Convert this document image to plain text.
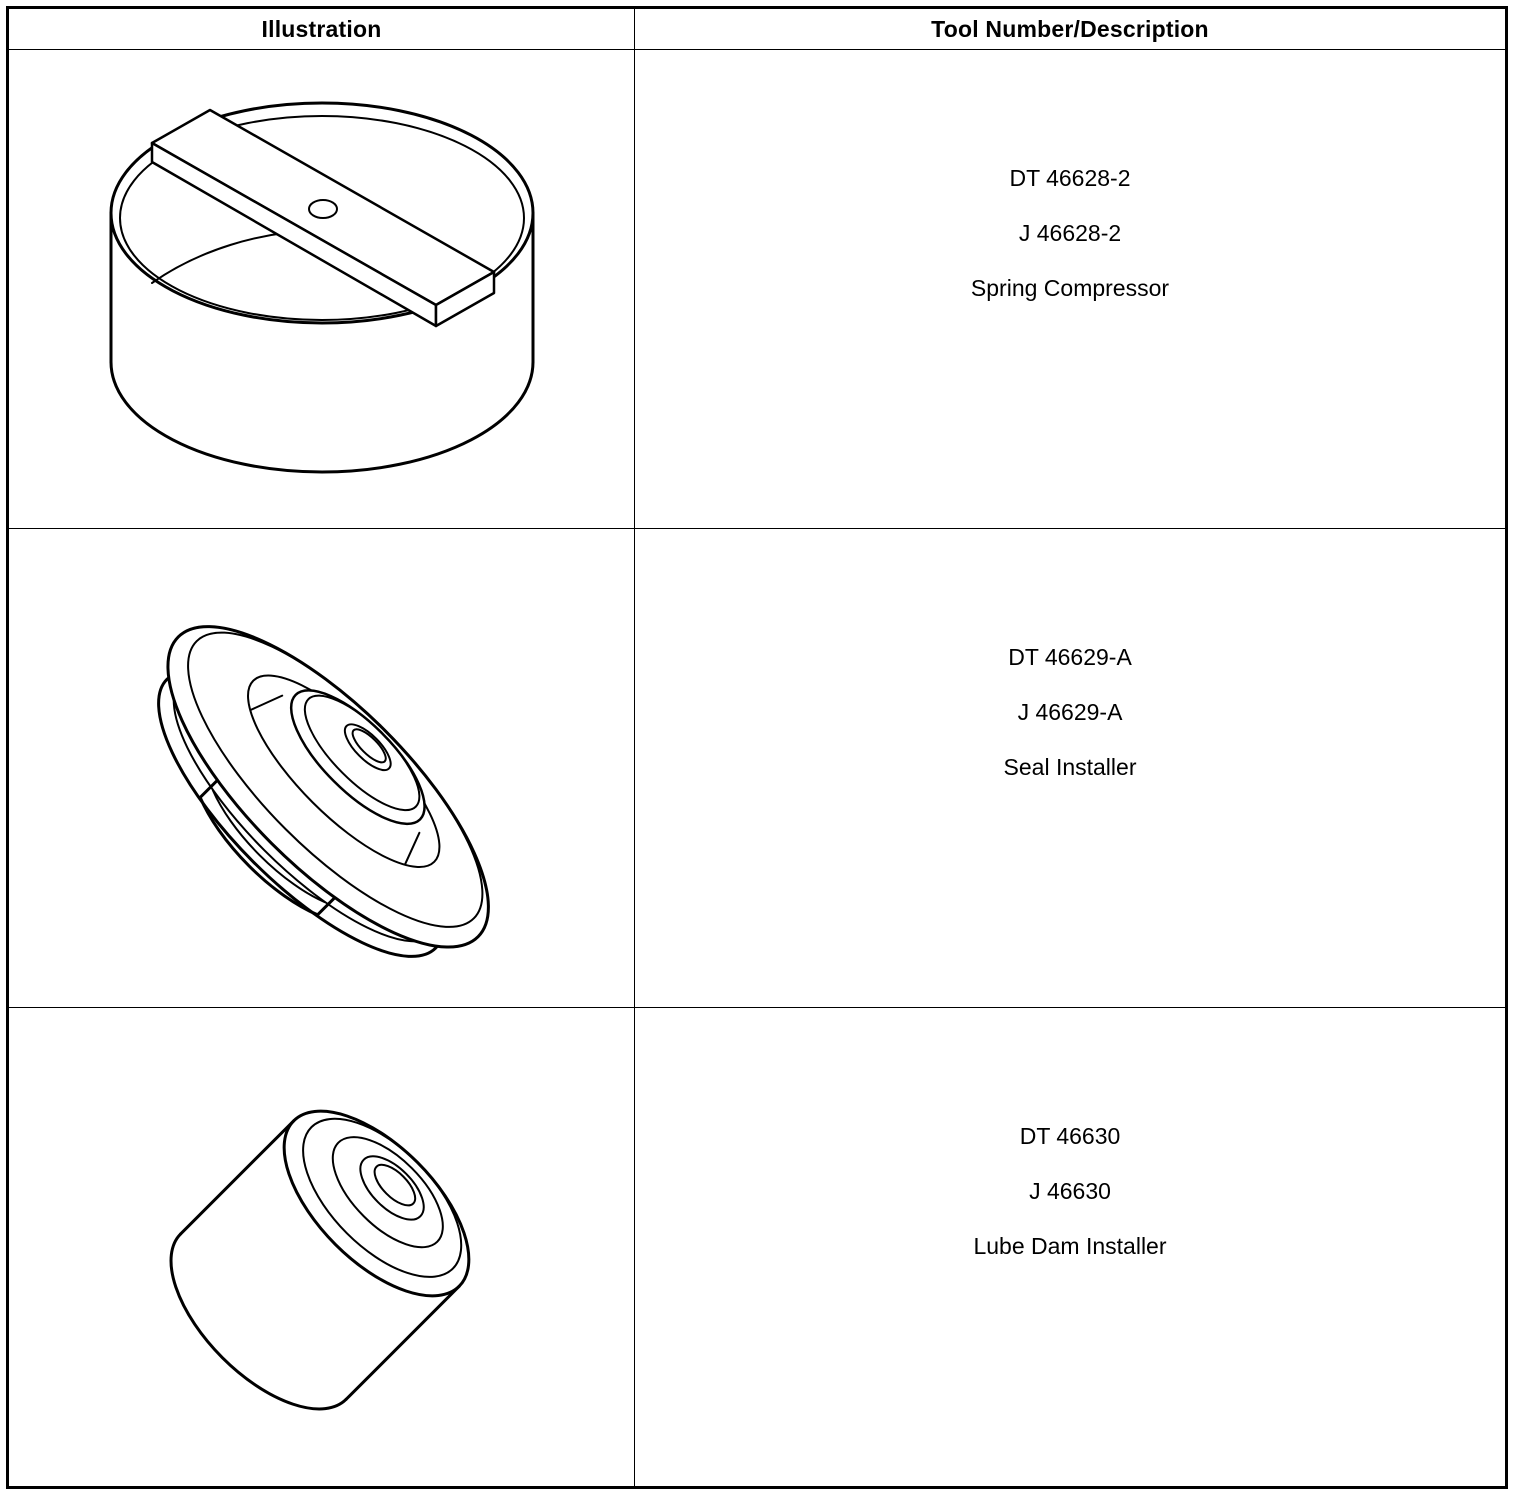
Illustration	Tool Number/Description

DT 46628-2
J 46628-2
Spring Compressor

DT 46629-A
J 46629-A
Seal Installer

DT 46630
J 46630
Lube Dam Installer
